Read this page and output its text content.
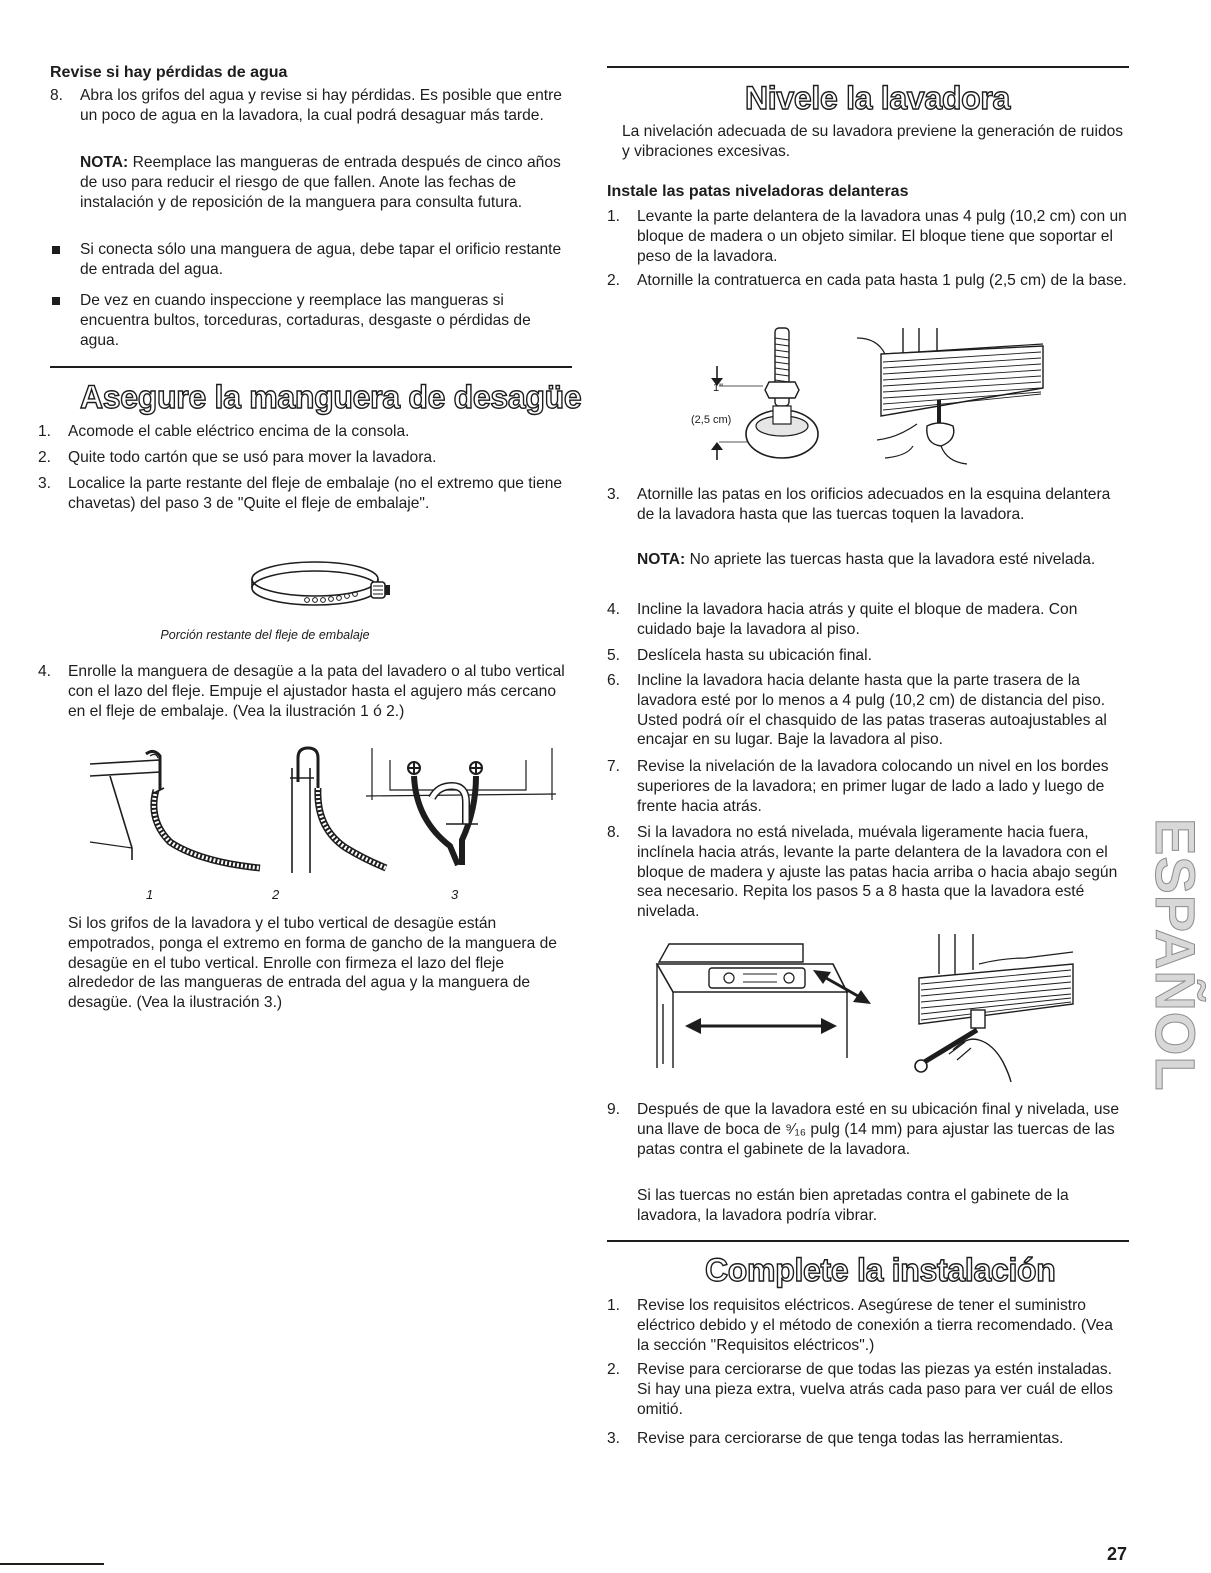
Revise si hay pérdidas de agua
8. Abra los grifos del agua y revise si hay pérdidas. Es posible que entre un poco de agua en la lavadora, la cual podrá desaguar más tarde.
NOTA: Reemplace las mangueras de entrada después de cinco años de uso para reducir el riesgo de que fallen. Anote las fechas de instalación y de reposición de la manguera para consulta futura.
Si conecta sólo una manguera de agua, debe tapar el orificio restante de entrada del agua.
De vez en cuando inspeccione y reemplace las mangueras si encuentra bultos, torceduras, cortaduras, desgaste o pérdidas de agua.
Asegure la manguera de desagüe
1. Acomode el cable eléctrico encima de la consola.
2. Quite todo cartón que se usó para mover la lavadora.
3. Localice la parte restante del fleje de embalaje (no el extremo que tiene chavetas) del paso 3 de "Quite el fleje de embalaje".
Porción restante del fleje de embalaje
4. Enrolle la manguera de desagüe a la pata del lavadero o al tubo vertical con el lazo del fleje. Empuje el ajustador hasta el agujero más cercano en el fleje de embalaje. (Vea la ilustración 1 ó 2.)
1	2	3
Si los grifos de la lavadora y el tubo vertical de desagüe están empotrados, ponga el extremo en forma de gancho de la manguera de desagüe en el tubo vertical. Enrolle con firmeza el lazo del fleje alrededor de las mangueras de entrada del agua y la manguera de desagüe. (Vea la ilustración 3.)
Nivele la lavadora
La nivelación adecuada de su lavadora previene la generación de ruidos y vibraciones excesivas.
Instale las patas niveladoras delanteras
1. Levante la parte delantera de la lavadora unas 4 pulg (10,2 cm) con un bloque de madera o un objeto similar. El bloque tiene que soportar el peso de la lavadora.
2. Atornille la contratuerca en cada pata hasta 1 pulg (2,5 cm) de la base.
1"
(2,5 cm)
3. Atornille las patas en los orificios adecuados en la esquina delantera de la lavadora hasta que las tuercas toquen la lavadora.
NOTA: No apriete las tuercas hasta que la lavadora esté nivelada.
4. Incline la lavadora hacia atrás y quite el bloque de madera. Con cuidado baje la lavadora al piso.
5. Deslícela hasta su ubicación final.
6. Incline la lavadora hacia delante hasta que la parte trasera de la lavadora esté por lo menos a 4 pulg (10,2 cm) de distancia del piso. Usted podrá oír el chasquido de las patas traseras autoajustables al encajar en su lugar. Baje la lavadora al piso.
7. Revise la nivelación de la lavadora colocando un nivel en los bordes superiores de la lavadora; en primer lugar de lado a lado y luego de frente hacia atrás.
8. Si la lavadora no está nivelada, muévala ligeramente hacia fuera, inclínela hacia atrás, levante la parte delantera de la lavadora con el bloque de madera y ajuste las patas hacia arriba o hacia abajo según sea necesario. Repita los pasos 5 a 8 hasta que la lavadora esté nivelada.
9. Después de que la lavadora esté en su ubicación final y nivelada, use una llave de boca de ⁹⁄₁₆ pulg (14 mm) para ajustar las tuercas de las patas contra el gabinete de la lavadora.
Si las tuercas no están bien apretadas contra el gabinete de la lavadora, la lavadora podría vibrar.
Complete la instalación
1. Revise los requisitos eléctricos. Asegúrese de tener el suministro eléctrico debido y el método de conexión a tierra recomendado. (Vea la sección "Requisitos eléctricos".)
2. Revise para cerciorarse de que todas las piezas ya estén instaladas. Si hay una pieza extra, vuelva atrás cada paso para ver cuál de ellos omitió.
3. Revise para cerciorarse de que tenga todas las herramientas.
ESPAÑOL
27
